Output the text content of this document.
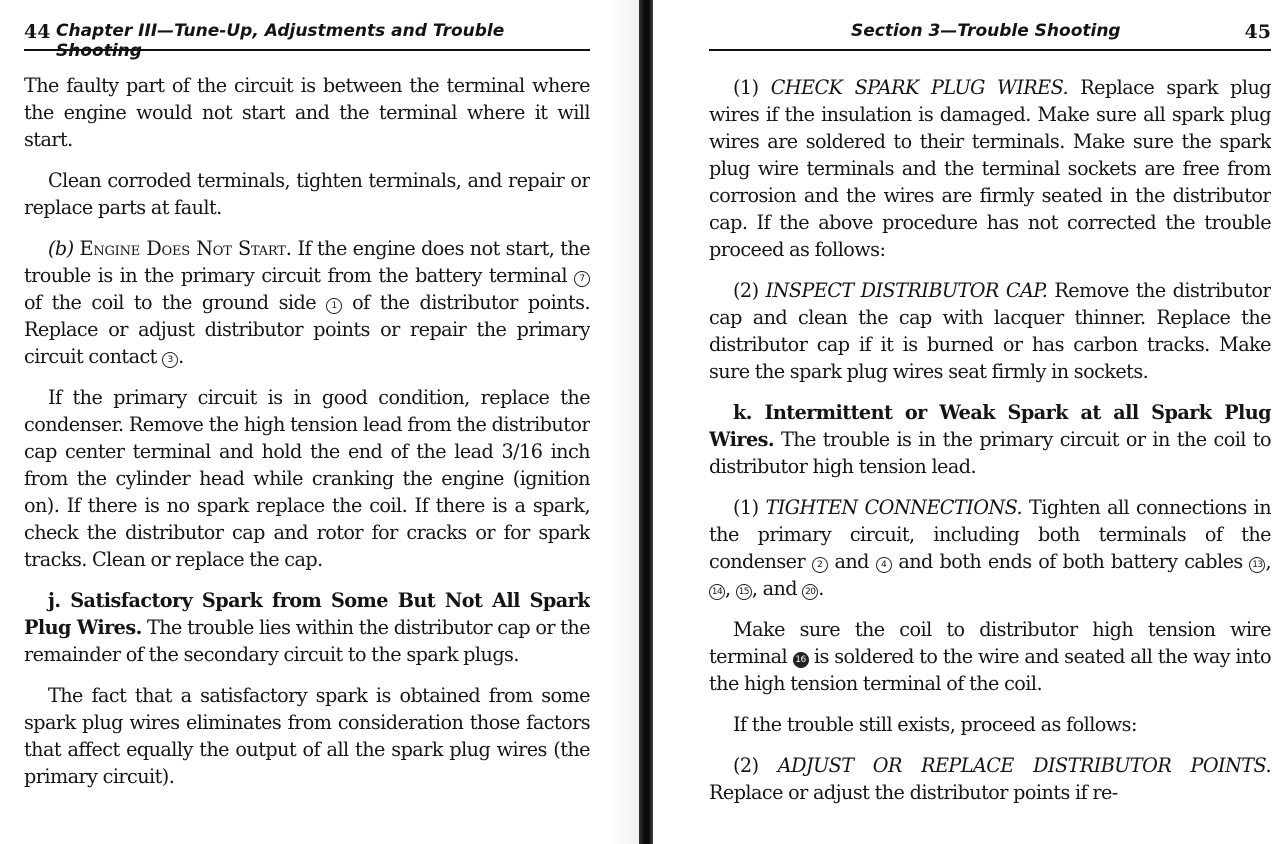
44 Chapter III—Tune-Up, Adjustments and Trouble Shooting

The faulty part of the circuit is between the terminal where the engine would not start and the terminal where it will start.

Clean corroded terminals, tighten terminals, and repair or replace parts at fault.

(b) Engine Does Not Start. If the engine does not start, the trouble is in the primary circuit from the battery terminal 7 of the coil to the ground side 1 of the distributor points. Replace or adjust distributor points or repair the primary circuit contact 3 .

If the primary circuit is in good condition, replace the condenser. Remove the high tension lead from the distributor cap center terminal and hold the end of the lead 3/16 inch from the cylinder head while cranking the engine (ignition on). If there is no spark replace the coil. If there is a spark, check the distributor cap and rotor for cracks or for spark tracks. Clean or replace the cap.

j. Satisfactory Spark from Some But Not All Spark Plug Wires. The trouble lies within the distributor cap or the remainder of the secondary circuit to the spark plugs.

The fact that a satisfactory spark is obtained from some spark plug wires eliminates from consideration those factors that affect equally the output of all the spark plug wires (the primary circuit).

Section 3—Trouble Shooting	45

(1) CHECK SPARK PLUG WIRES. Replace spark plug wires if the insulation is damaged. Make sure all spark plug wires are soldered to their terminals. Make sure the spark plug wire terminals and the terminal sockets are free from corrosion and the wires are firmly seated in the distributor cap. If the above procedure has not corrected the trouble proceed as follows:

(2) INSPECT DISTRIBUTOR CAP. Remove the distributor cap and clean the cap with lacquer thinner. Replace the distributor cap if it is burned or has carbon tracks. Make sure the spark plug wires seat firmly in sockets.

k. Intermittent or Weak Spark at all Spark Plug Wires. The trouble is in the primary circuit or in the coil to distributor high tension lead.

(1) TIGHTEN CONNECTIONS. Tighten all connections in the primary circuit, including both terminals of the condenser 2 and 4 and both ends of both battery cables 13 , 14 , 15 , and 20 .

Make sure the coil to distributor high tension wire terminal 16 is soldered to the wire and seated all the way into the high tension terminal of the coil.

If the trouble still exists, proceed as follows:

(2) ADJUST OR REPLACE DISTRIBUTOR POINTS. Replace or adjust the distributor points if re-
